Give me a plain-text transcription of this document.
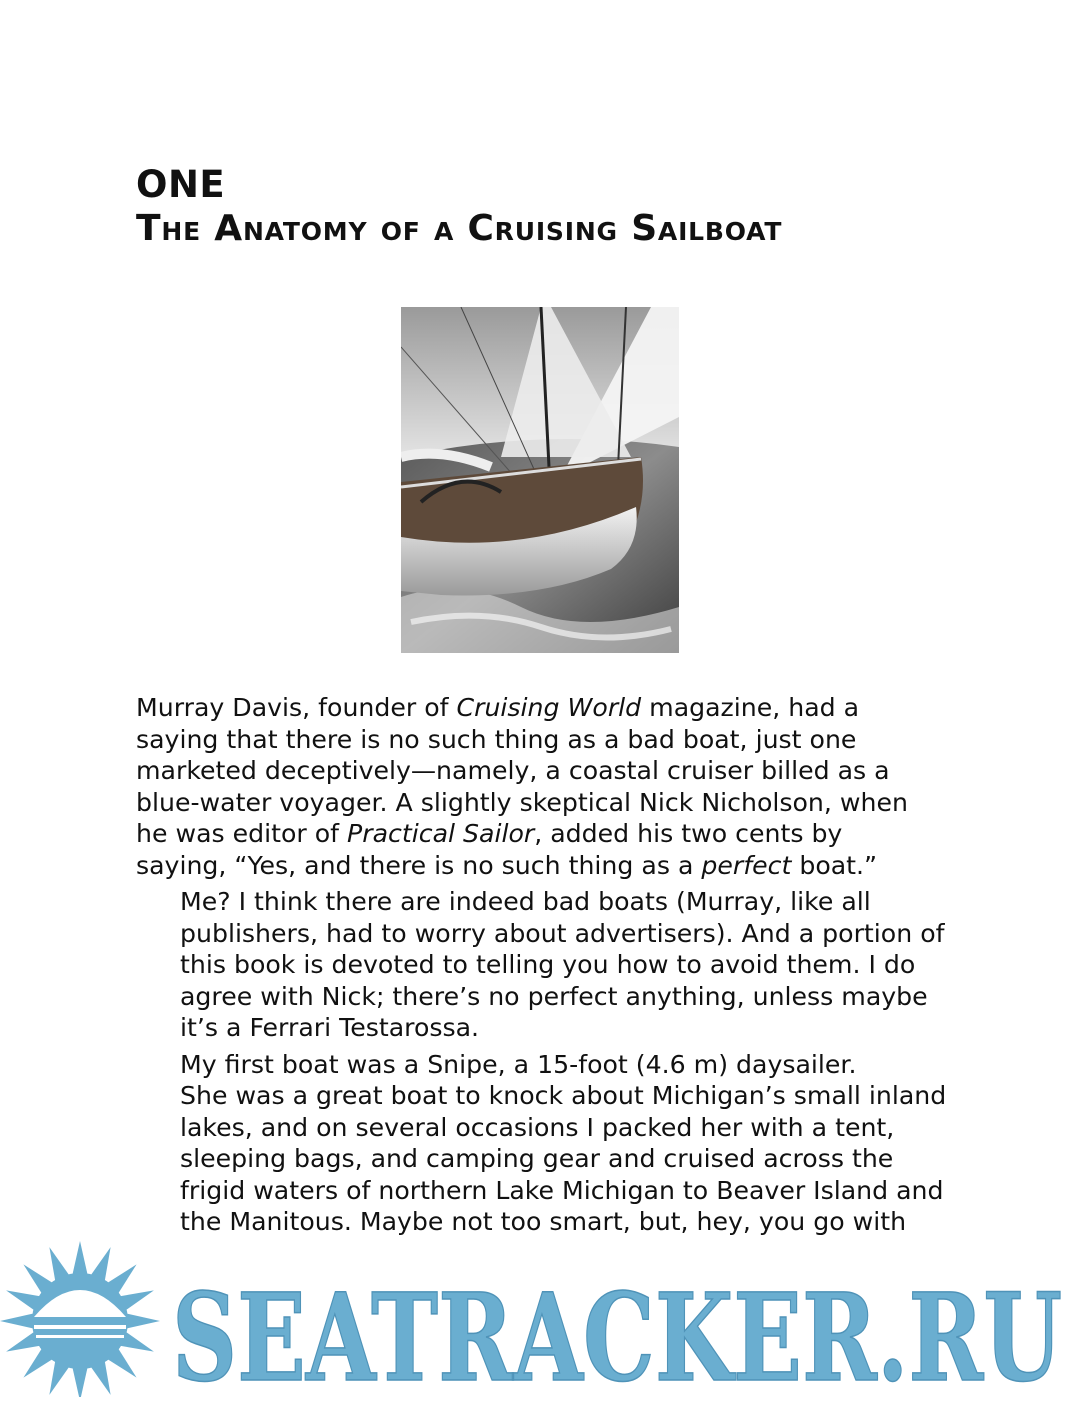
ONE
The Anatomy of a Cruising Sailboat

Murray Davis, founder of Cruising World magazine, had a
saying that there is no such thing as a bad boat, just one
marketed deceptively—namely, a coastal cruiser billed as a
blue-water voyager. A slightly skeptical Nick Nicholson, when
he was editor of Practical Sailor, added his two cents by
saying, “Yes, and there is no such thing as a perfect boat.”

Me? I think there are indeed bad boats (Murray, like all
publishers, had to worry about advertisers). And a portion of
this book is devoted to telling you how to avoid them. I do
agree with Nick; there’s no perfect anything, unless maybe
it’s a Ferrari Testarossa.

My first boat was a Snipe, a 15-foot (4.6 m) daysailer.
She was a great boat to knock about Michigan’s small inland
lakes, and on several occasions I packed her with a tent,
sleeping bags, and camping gear and cruised across the
frigid waters of northern Lake Michigan to Beaver Island and
the Manitous. Maybe not too smart, but, hey, you go with

SEATRACKER.RU
